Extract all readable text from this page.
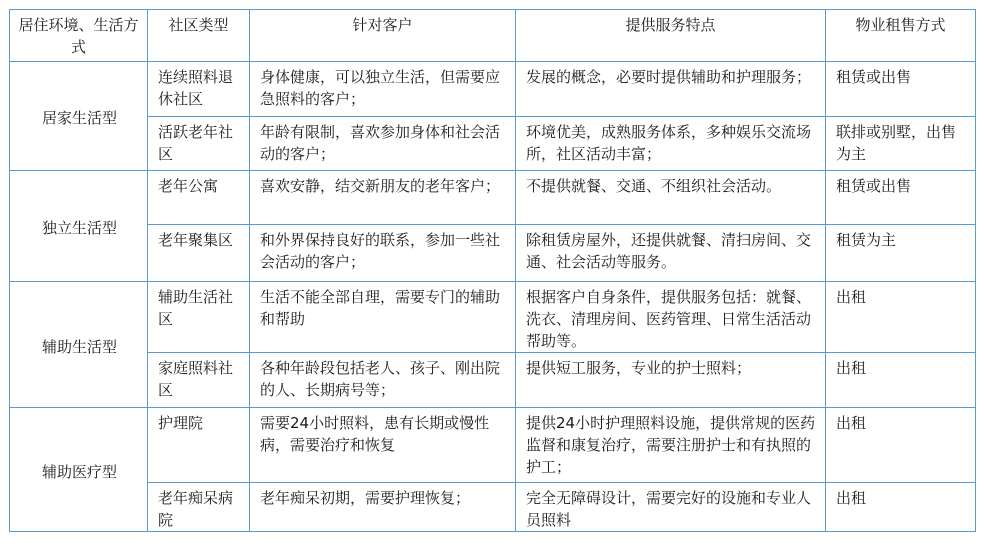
居住环境、生活方式	社区类型	针对客户	提供服务特点	物业租售方式
居家生活型	连续照料退休社区	身体健康，可以独立生活，但需要应急照料的客户；	发展的概念，必要时提供辅助和护理服务；	租赁或出售
	活跃老年社区	年龄有限制，喜欢参加身体和社会活动的客户；	环境优美，成熟服务体系，多种娱乐交流场所，社区活动丰富；	联排或别墅，出售为主
独立生活型	老年公寓	喜欢安静，结交新朋友的老年客户；	不提供就餐、交通、不组织社会活动。	租赁或出售
	老年聚集区	和外界保持良好的联系，参加一些社会活动的客户；	除租赁房屋外，还提供就餐、清扫房间、交通、社会活动等服务。	租赁为主
辅助生活型	辅助生活社区	生活不能全部自理，需要专门的辅助和帮助	根据客户自身条件，提供服务包括：就餐、洗衣、清理房间、医药管理、日常生活活动帮助等。	出租
	家庭照料社区	各种年龄段包括老人、孩子、刚出院的人、长期病号等；	提供短工服务，专业的护士照料；	出租
辅助医疗型	护理院	需要24小时照料，患有长期或慢性病，需要治疗和恢复	提供24小时护理照料设施，提供常规的医药监督和康复治疗，需要注册护士和有执照的护工；	出租
	老年痴呆病院	老年痴呆初期，需要护理恢复；	完全无障碍设计，需要完好的设施和专业人员照料	出租
